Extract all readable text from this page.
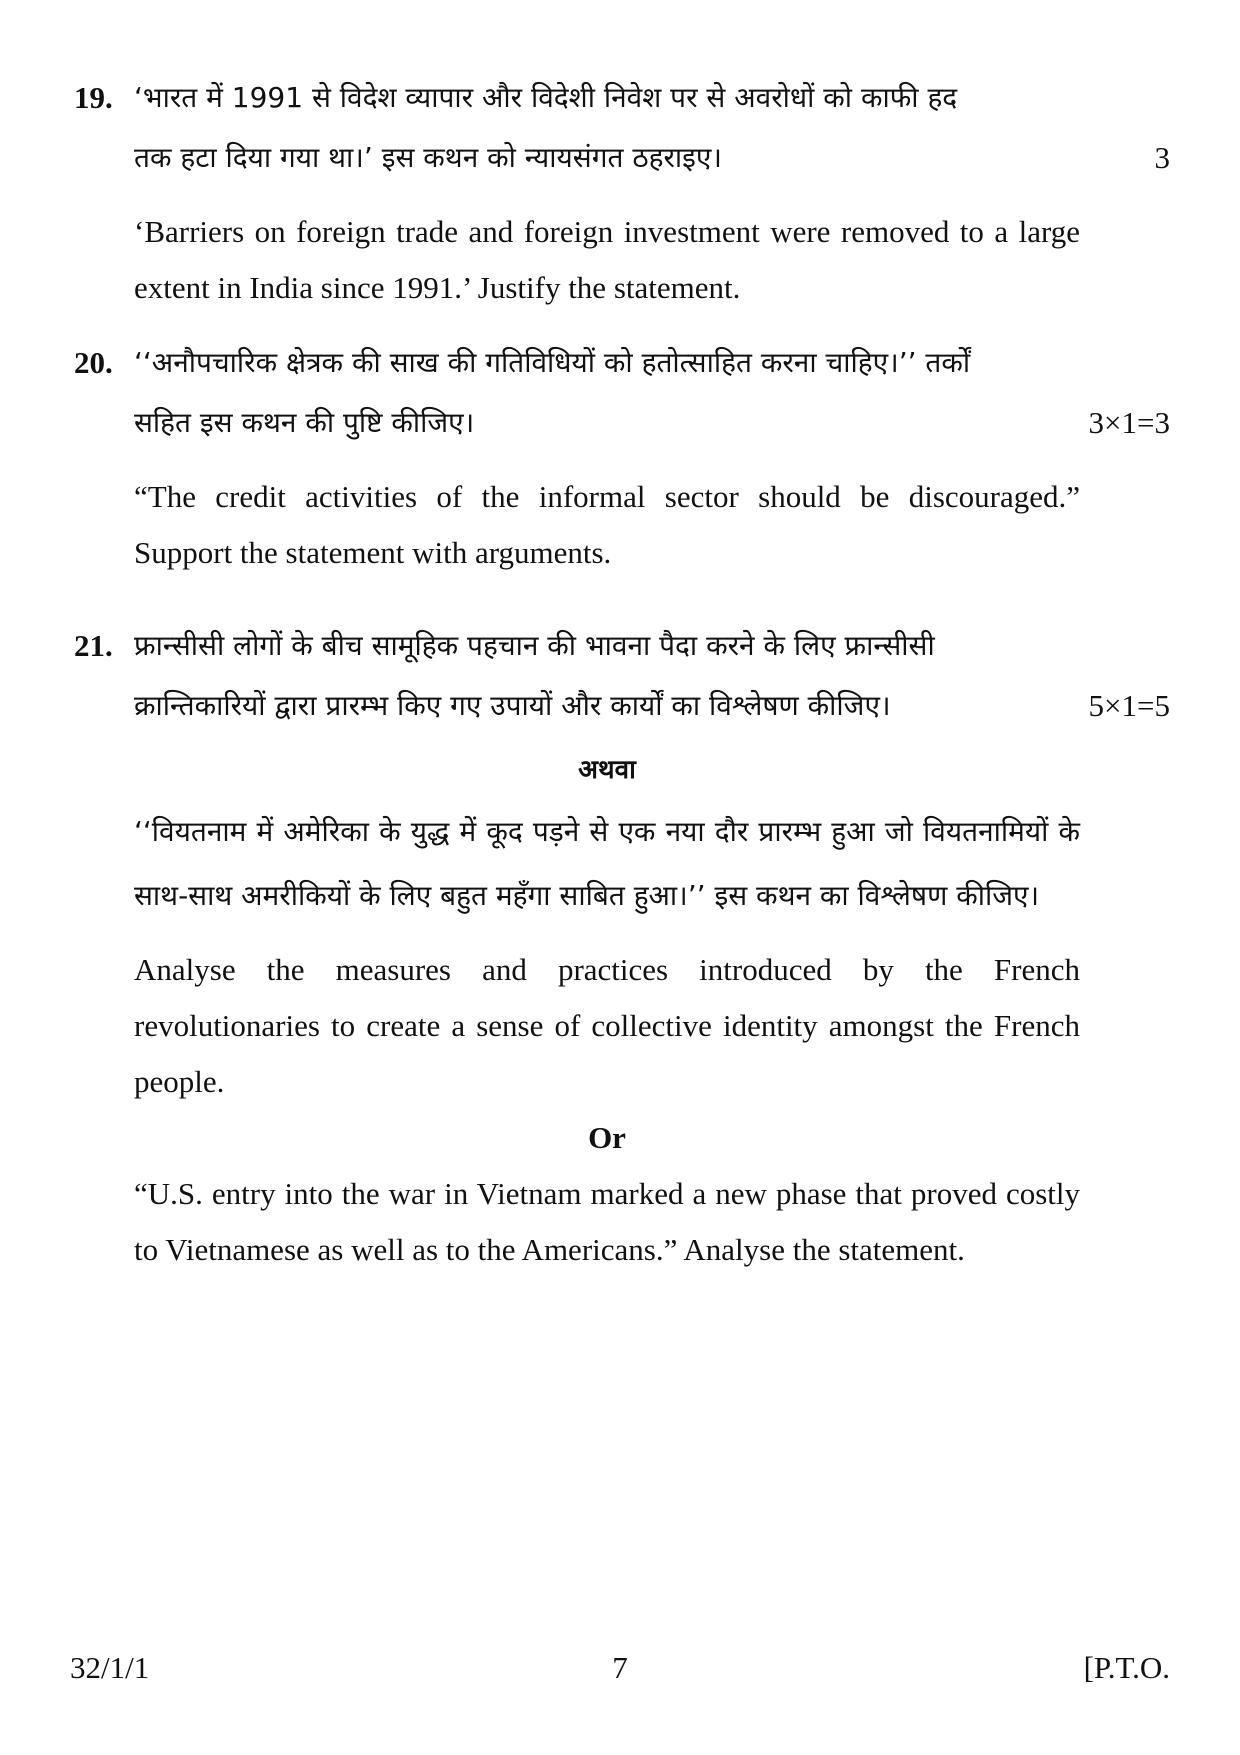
19. ‘भारत में 1991 से विदेश व्यापार और विदेशी निवेश पर से अवरोधों को काफी हद
तक हटा दिया गया था।’ इस कथन को न्यायसंगत ठहराइए।
‘Barriers on foreign trade and foreign investment were removed to a large extent in India since 1991.’ Justify the statement.
3
20. ‘‘अनौपचारिक क्षेत्रक की साख की गतिविधियों को हतोत्साहित करना चाहिए।’’ तर्कों
सहित इस कथन की पुष्टि कीजिए।
“The credit activities of the informal sector should be discouraged.” Support the statement with arguments.
3×1=3
21. फ्रान्सीसी लोगों के बीच सामूहिक पहचान की भावना पैदा करने के लिए फ्रान्सीसी
क्रान्तिकारियों द्वारा प्रारम्भ किए गए उपायों और कार्यों का विश्लेषण कीजिए।
अथवा
‘‘वियतनाम में अमेरिका के युद्ध में कूद पड़ने से एक नया दौर प्रारम्भ हुआ जो वियतनामियों के साथ-साथ अमरीकियों के लिए बहुत महँगा साबित हुआ।’’ इस कथन का विश्लेषण कीजिए।
Analyse the measures and practices introduced by the French revolutionaries to create a sense of collective identity amongst the French people.
Or
“U.S. entry into the war in Vietnam marked a new phase that proved costly to Vietnamese as well as to the Americans.” Analyse the statement.
5×1=5
32/1/1	7	[P.T.O.
